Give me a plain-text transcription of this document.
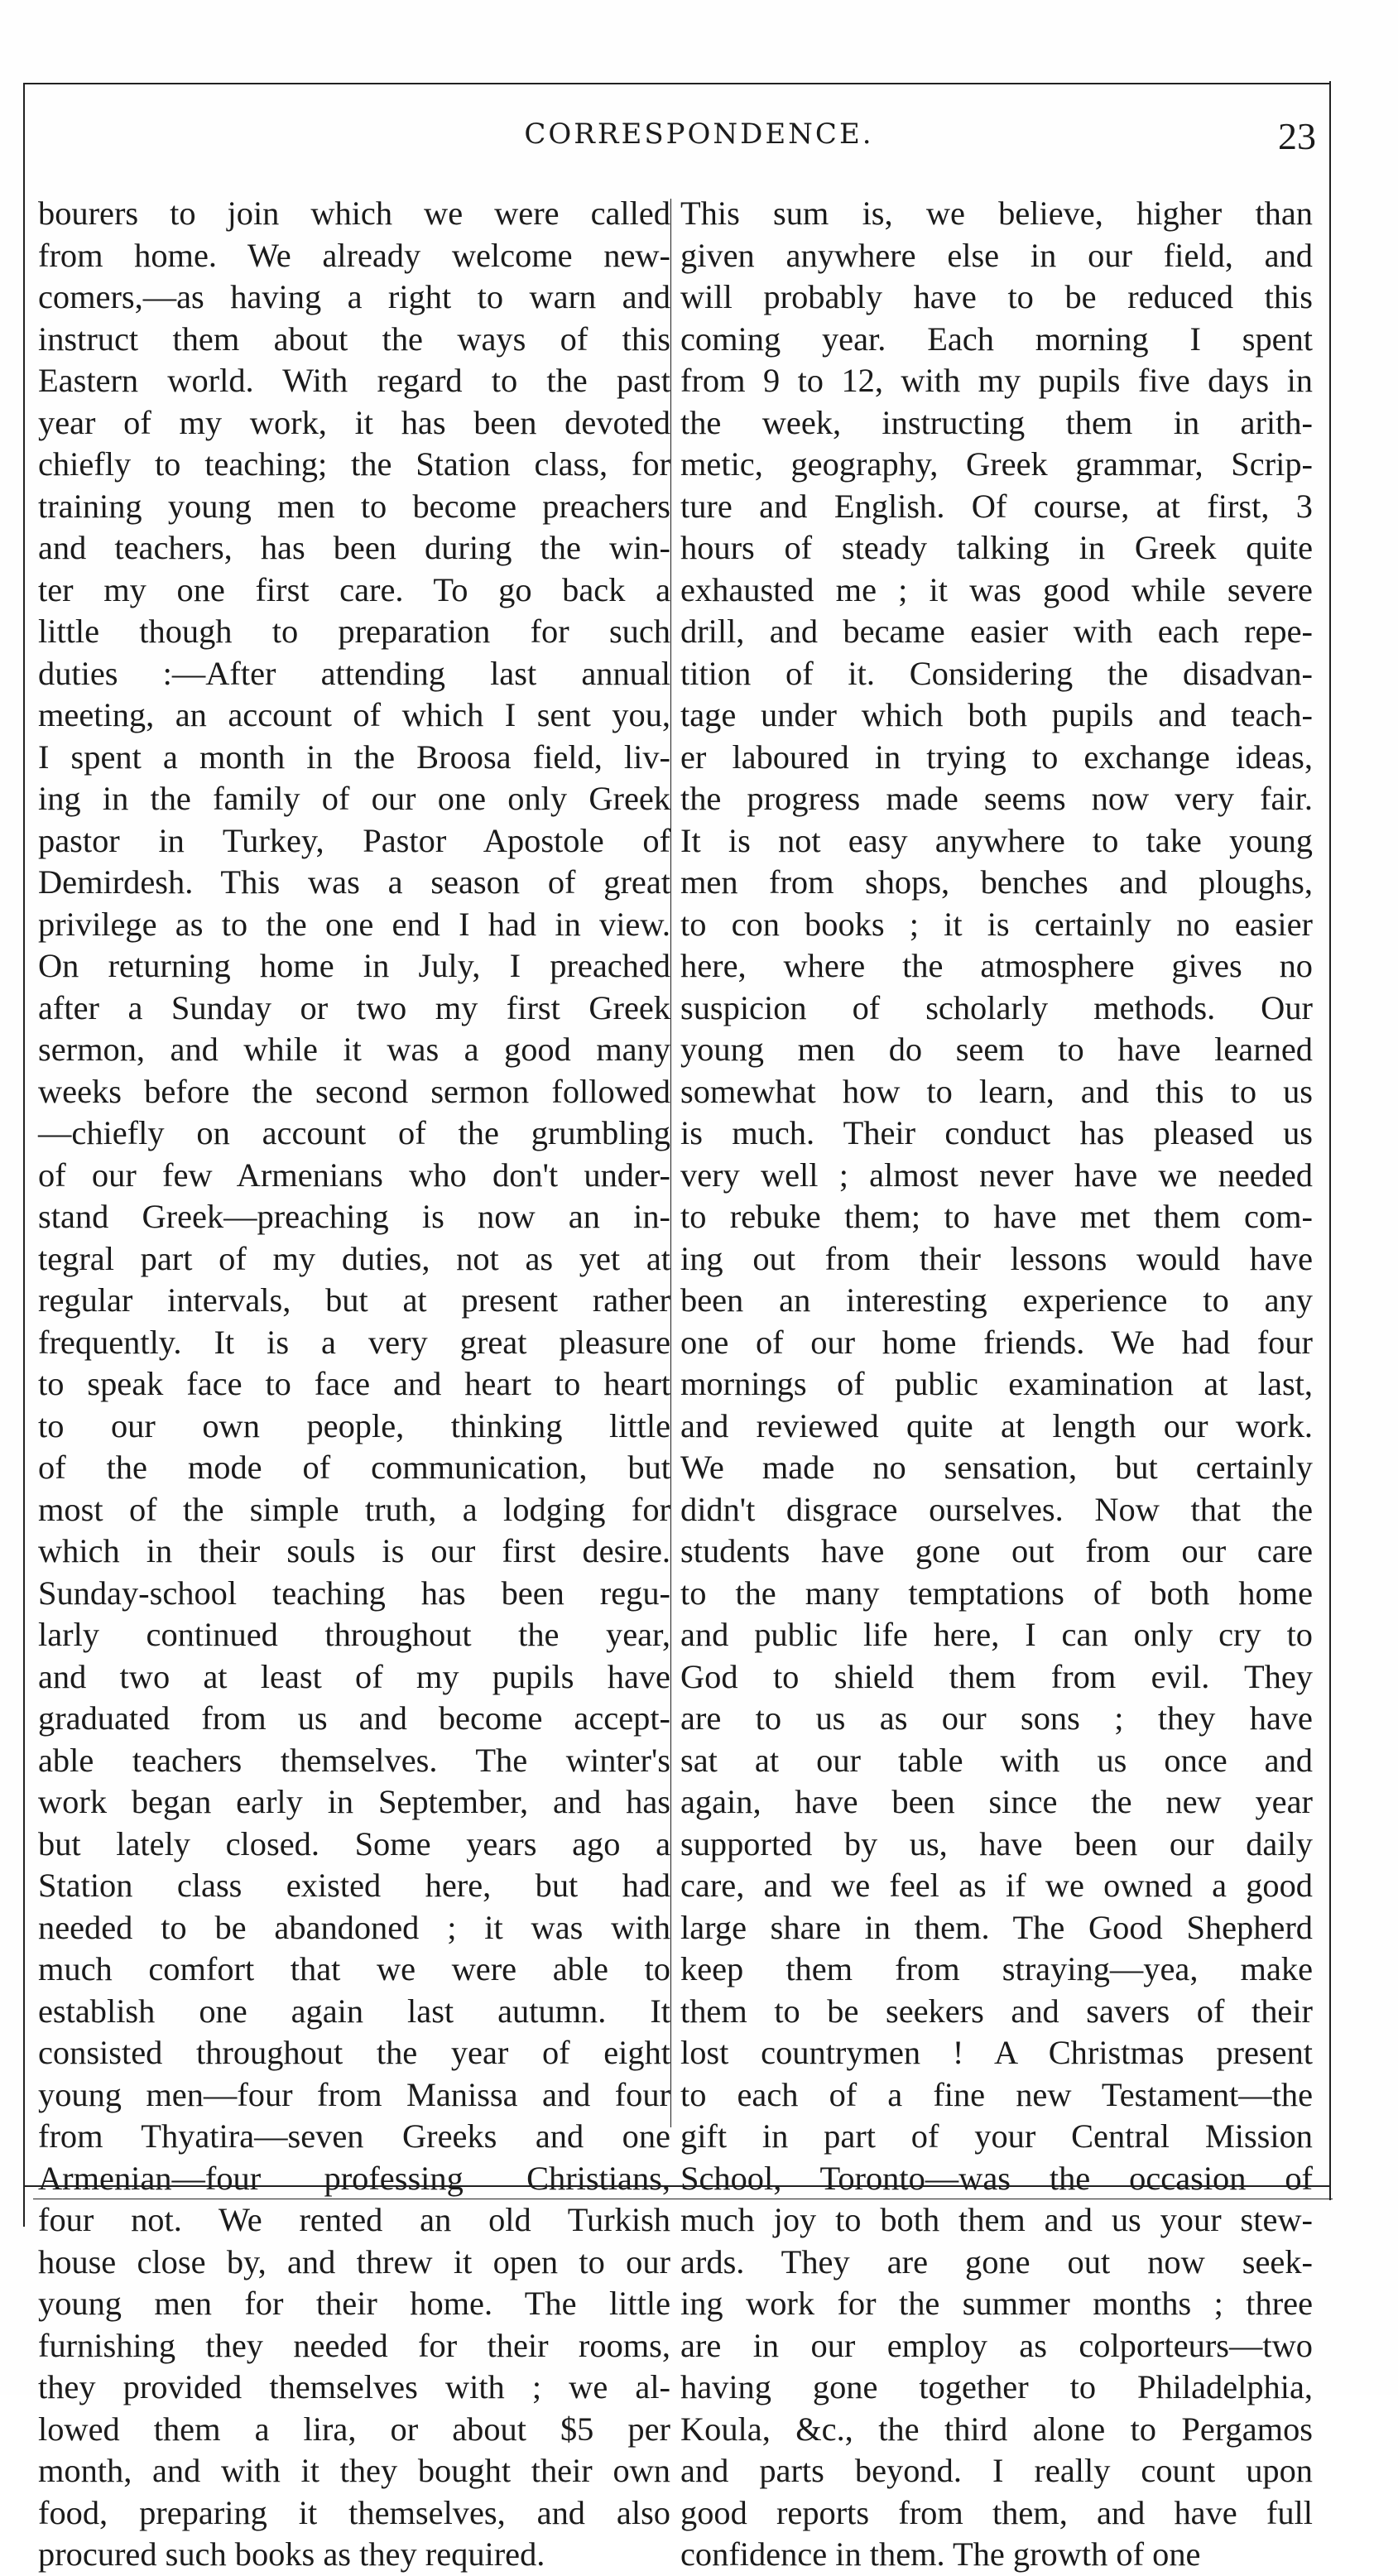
CORRESPONDENCE.	23
bourers to join which we were called
from home. We already welcome new-
comers,—as having a right to warn and
instruct them about the ways of this
Eastern world. With regard to the past
year of my work, it has been devoted
chiefly to teaching; the Station class, for
training young men to become preachers
and teachers, has been during the win-
ter my one first care. To go back a
little though to preparation for such
duties :—After attending last annual
meeting, an account of which I sent you,
I spent a month in the Broosa field, liv-
ing in the family of our one only Greek
pastor in Turkey, Pastor Apostole of
Demirdesh. This was a season of great
privilege as to the one end I had in view.
On returning home in July, I preached
after a Sunday or two my first Greek
sermon, and while it was a good many
weeks before the second sermon followed
—chiefly on account of the grumbling
of our few Armenians who don't under-
stand Greek—preaching is now an in-
tegral part of my duties, not as yet at
regular intervals, but at present rather
frequently. It is a very great pleasure
to speak face to face and heart to heart
to our own people, thinking little
of the mode of communication, but
most of the simple truth, a lodging for
which in their souls is our first desire.
Sunday-school teaching has been regu-
larly continued throughout the year,
and two at least of my pupils have
graduated from us and become accept-
able teachers themselves. The winter's
work began early in September, and has
but lately closed. Some years ago a
Station class existed here, but had
needed to be abandoned ; it was with
much comfort that we were able to
establish one again last autumn. It
consisted throughout the year of eight
young men—four from Manissa and four
from Thyatira—seven Greeks and one
Armenian—four professing Christians,
four not. We rented an old Turkish
house close by, and threw it open to our
young men for their home. The little
furnishing they needed for their rooms,
they provided themselves with ; we al-
lowed them a lira, or about $5 per
month, and with it they bought their own
food, preparing it themselves, and also
procured such books as they required.
This sum is, we believe, higher than
given anywhere else in our field, and
will probably have to be reduced this
coming year. Each morning I spent
from 9 to 12, with my pupils five days in
the week, instructing them in arith-
metic, geography, Greek grammar, Scrip-
ture and English. Of course, at first, 3
hours of steady talking in Greek quite
exhausted me ; it was good while severe
drill, and became easier with each repe-
tition of it. Considering the disadvan-
tage under which both pupils and teach-
er laboured in trying to exchange ideas,
the progress made seems now very fair.
It is not easy anywhere to take young
men from shops, benches and ploughs,
to con books ; it is certainly no easier
here, where the atmosphere gives no
suspicion of scholarly methods. Our
young men do seem to have learned
somewhat how to learn, and this to us
is much. Their conduct has pleased us
very well ; almost never have we needed
to rebuke them; to have met them com-
ing out from their lessons would have
been an interesting experience to any
one of our home friends. We had four
mornings of public examination at last,
and reviewed quite at length our work.
We made no sensation, but certainly
didn't disgrace ourselves. Now that the
students have gone out from our care
to the many temptations of both home
and public life here, I can only cry to
God to shield them from evil. They
are to us as our sons ; they have
sat at our table with us once and
again, have been since the new year
supported by us, have been our daily
care, and we feel as if we owned a good
large share in them. The Good Shepherd
keep them from straying—yea, make
them to be seekers and savers of their
lost countrymen ! A Christmas present
to each of a fine new Testament—the
gift in part of your Central Mission
School, Toronto—was the occasion of
much joy to both them and us your stew-
ards. They are gone out now seek-
ing work for the summer months ; three
are in our employ as colporteurs—two
having gone together to Philadelphia,
Koula, &c., the third alone to Pergamos
and parts beyond. I really count upon
good reports from them, and have full
confidence in them. The growth of one
